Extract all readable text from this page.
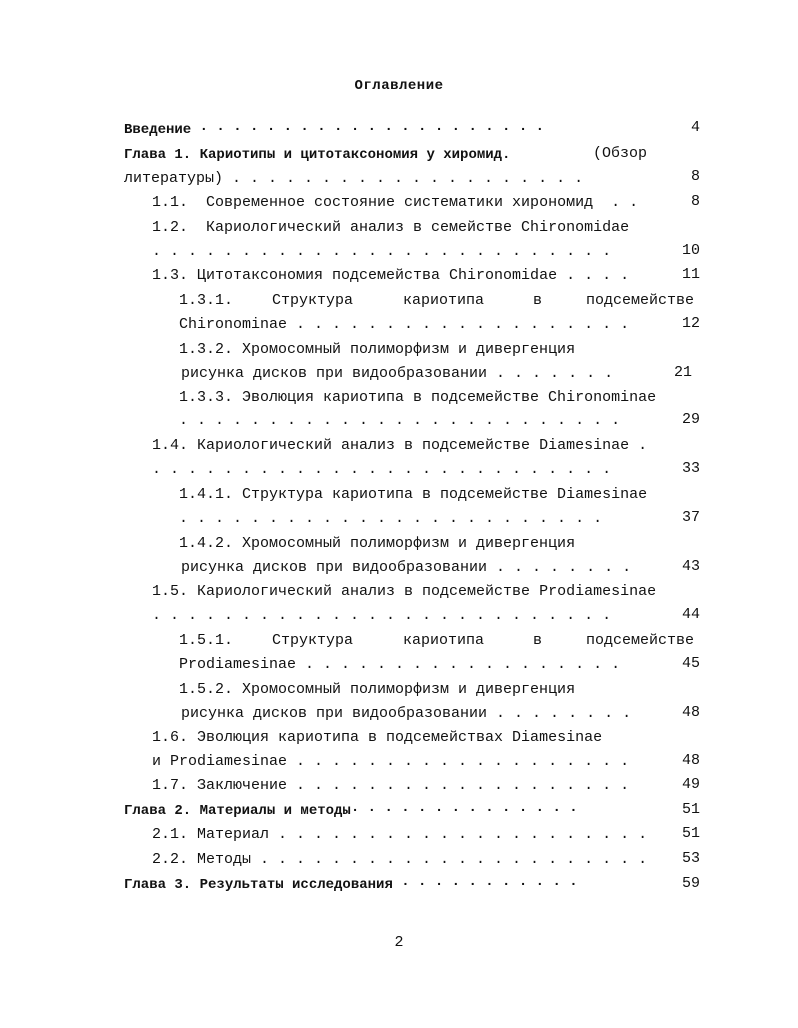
Оглавление
Введение · · · · · · · · · · · · · · · · · · · · ·	4
Глава 1. Кариотипы и цитотаксономия у хиромид.	(Обзор
литературы) . . . . . . . . . . . . . . . . . . . .	8
1.1.  Современное состояние систематики хирономид  . .	8
1.2.  Кариологический анализ в семействе Chironomidae
. . . . . . . . . . . . . . . . . . . . . . . . . .	10
1.3. Цитотаксономия подсемейства Chironomidae . . . .	11
1.3.1.	Структура	кариотипа	в	подсемействе
Chironominae . . . . . . . . . . . . . . . . . . .	12
1.3.2. Хромосомный полиморфизм и дивергенция
рисунка дисков при видообразовании . . . . . . .	21
1.3.3. Эволюция кариотипа в подсемействе Chironominae
. . . . . . . . . . . . . . . . . . . . . . . . .	29
1.4. Кариологический анализ в подсемействе Diamesinae .
. . . . . . . . . . . . . . . . . . . . . . . . . .	33
1.4.1. Структура кариотипа в подсемействе Diamesinae
. . . . . . . . . . . . . . . . . . . . . . . .	37
1.4.2. Хромосомный полиморфизм и дивергенция
рисунка дисков при видообразовании . . . . . . . .	43
1.5. Кариологический анализ в подсемействе Prodiamesinae
. . . . . . . . . . . . . . . . . . . . . . . . . .	44
1.5.1.	Структура	кариотипа	в	подсемействе
Prodiamesinae . . . . . . . . . . . . . . . . . .	45
1.5.2. Хромосомный полиморфизм и дивергенция
рисунка дисков при видообразовании . . . . . . . .	48
1.6. Эволюция кариотипа в подсемействах Diamesinae
и Prodiamesinae . . . . . . . . . . . . . . . . . . .	48
1.7. Заключение . . . . . . . . . . . . . . . . . . .	49
Глава 2. Материалы и методы· · · · · · · · · · · · · ·	51
2.1. Материал . . . . . . . . . . . . . . . . . . . . . 51
2.2. Методы . . . . . . . . . . . . . . . . . . . . . . 53
Глава 3. Результаты исследования · · · · · · · · · · ·	59
2
